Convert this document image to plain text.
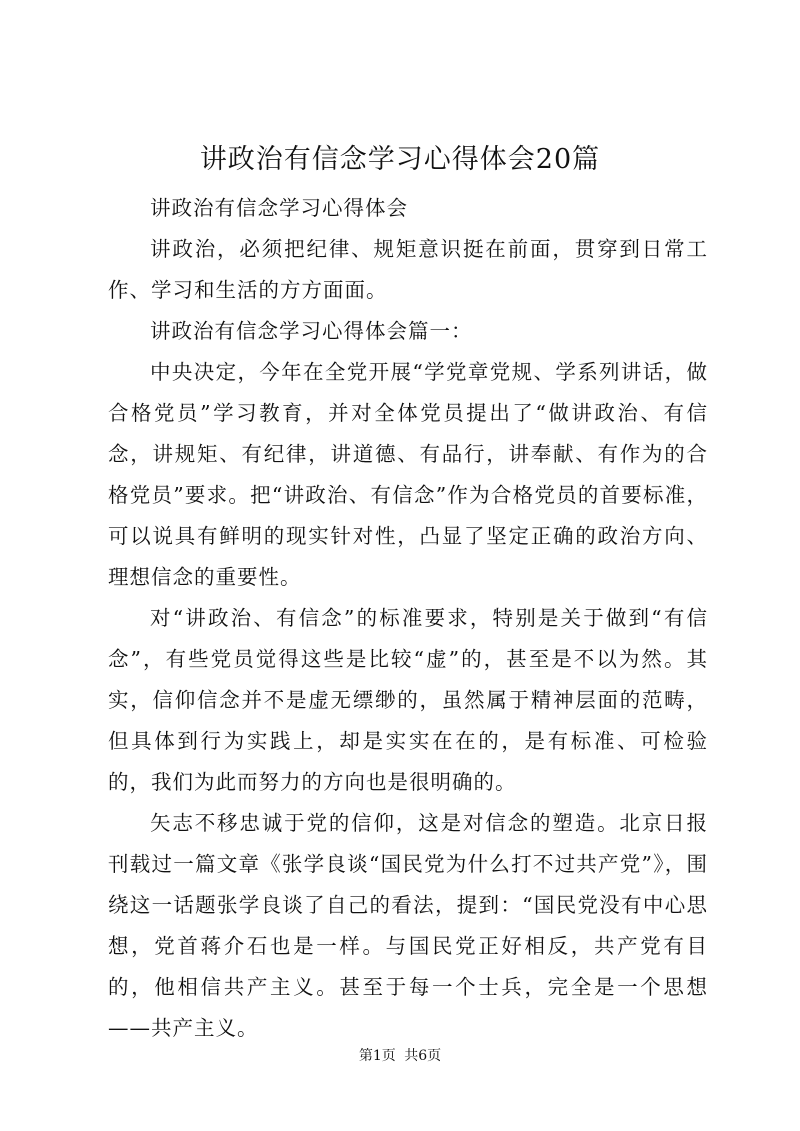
讲政治有信念学习心得体会20篇

讲政治有信念学习心得体会

讲政治，必须把纪律、规矩意识挺在前面，贯穿到日常工作、学习和生活的方方面面。

讲政治有信念学习心得体会篇一：

中央决定，今年在全党开展“学党章党规、学系列讲话，做合格党员”学习教育，并对全体党员提出了“做讲政治、有信念，讲规矩、有纪律，讲道德、有品行，讲奉献、有作为的合格党员”要求。把“讲政治、有信念”作为合格党员的首要标准，可以说具有鲜明的现实针对性，凸显了坚定正确的政治方向、理想信念的重要性。

对“讲政治、有信念”的标准要求，特别是关于做到“有信念”，有些党员觉得这些是比较“虚”的，甚至是不以为然。其实，信仰信念并不是虚无缥缈的，虽然属于精神层面的范畴，但具体到行为实践上，却是实实在在的，是有标准、可检验的，我们为此而努力的方向也是很明确的。

矢志不移忠诚于党的信仰，这是对信念的塑造。北京日报刊载过一篇文章《张学良谈“国民党为什么打不过共产党”》，围绕这一话题张学良谈了自己的看法，提到：“国民党没有中心思想，党首蒋介石也是一样。与国民党正好相反，共产党有目的，他相信共产主义。甚至于每一个士兵，完全是一个思想——共产主义。

第1页 共6页
